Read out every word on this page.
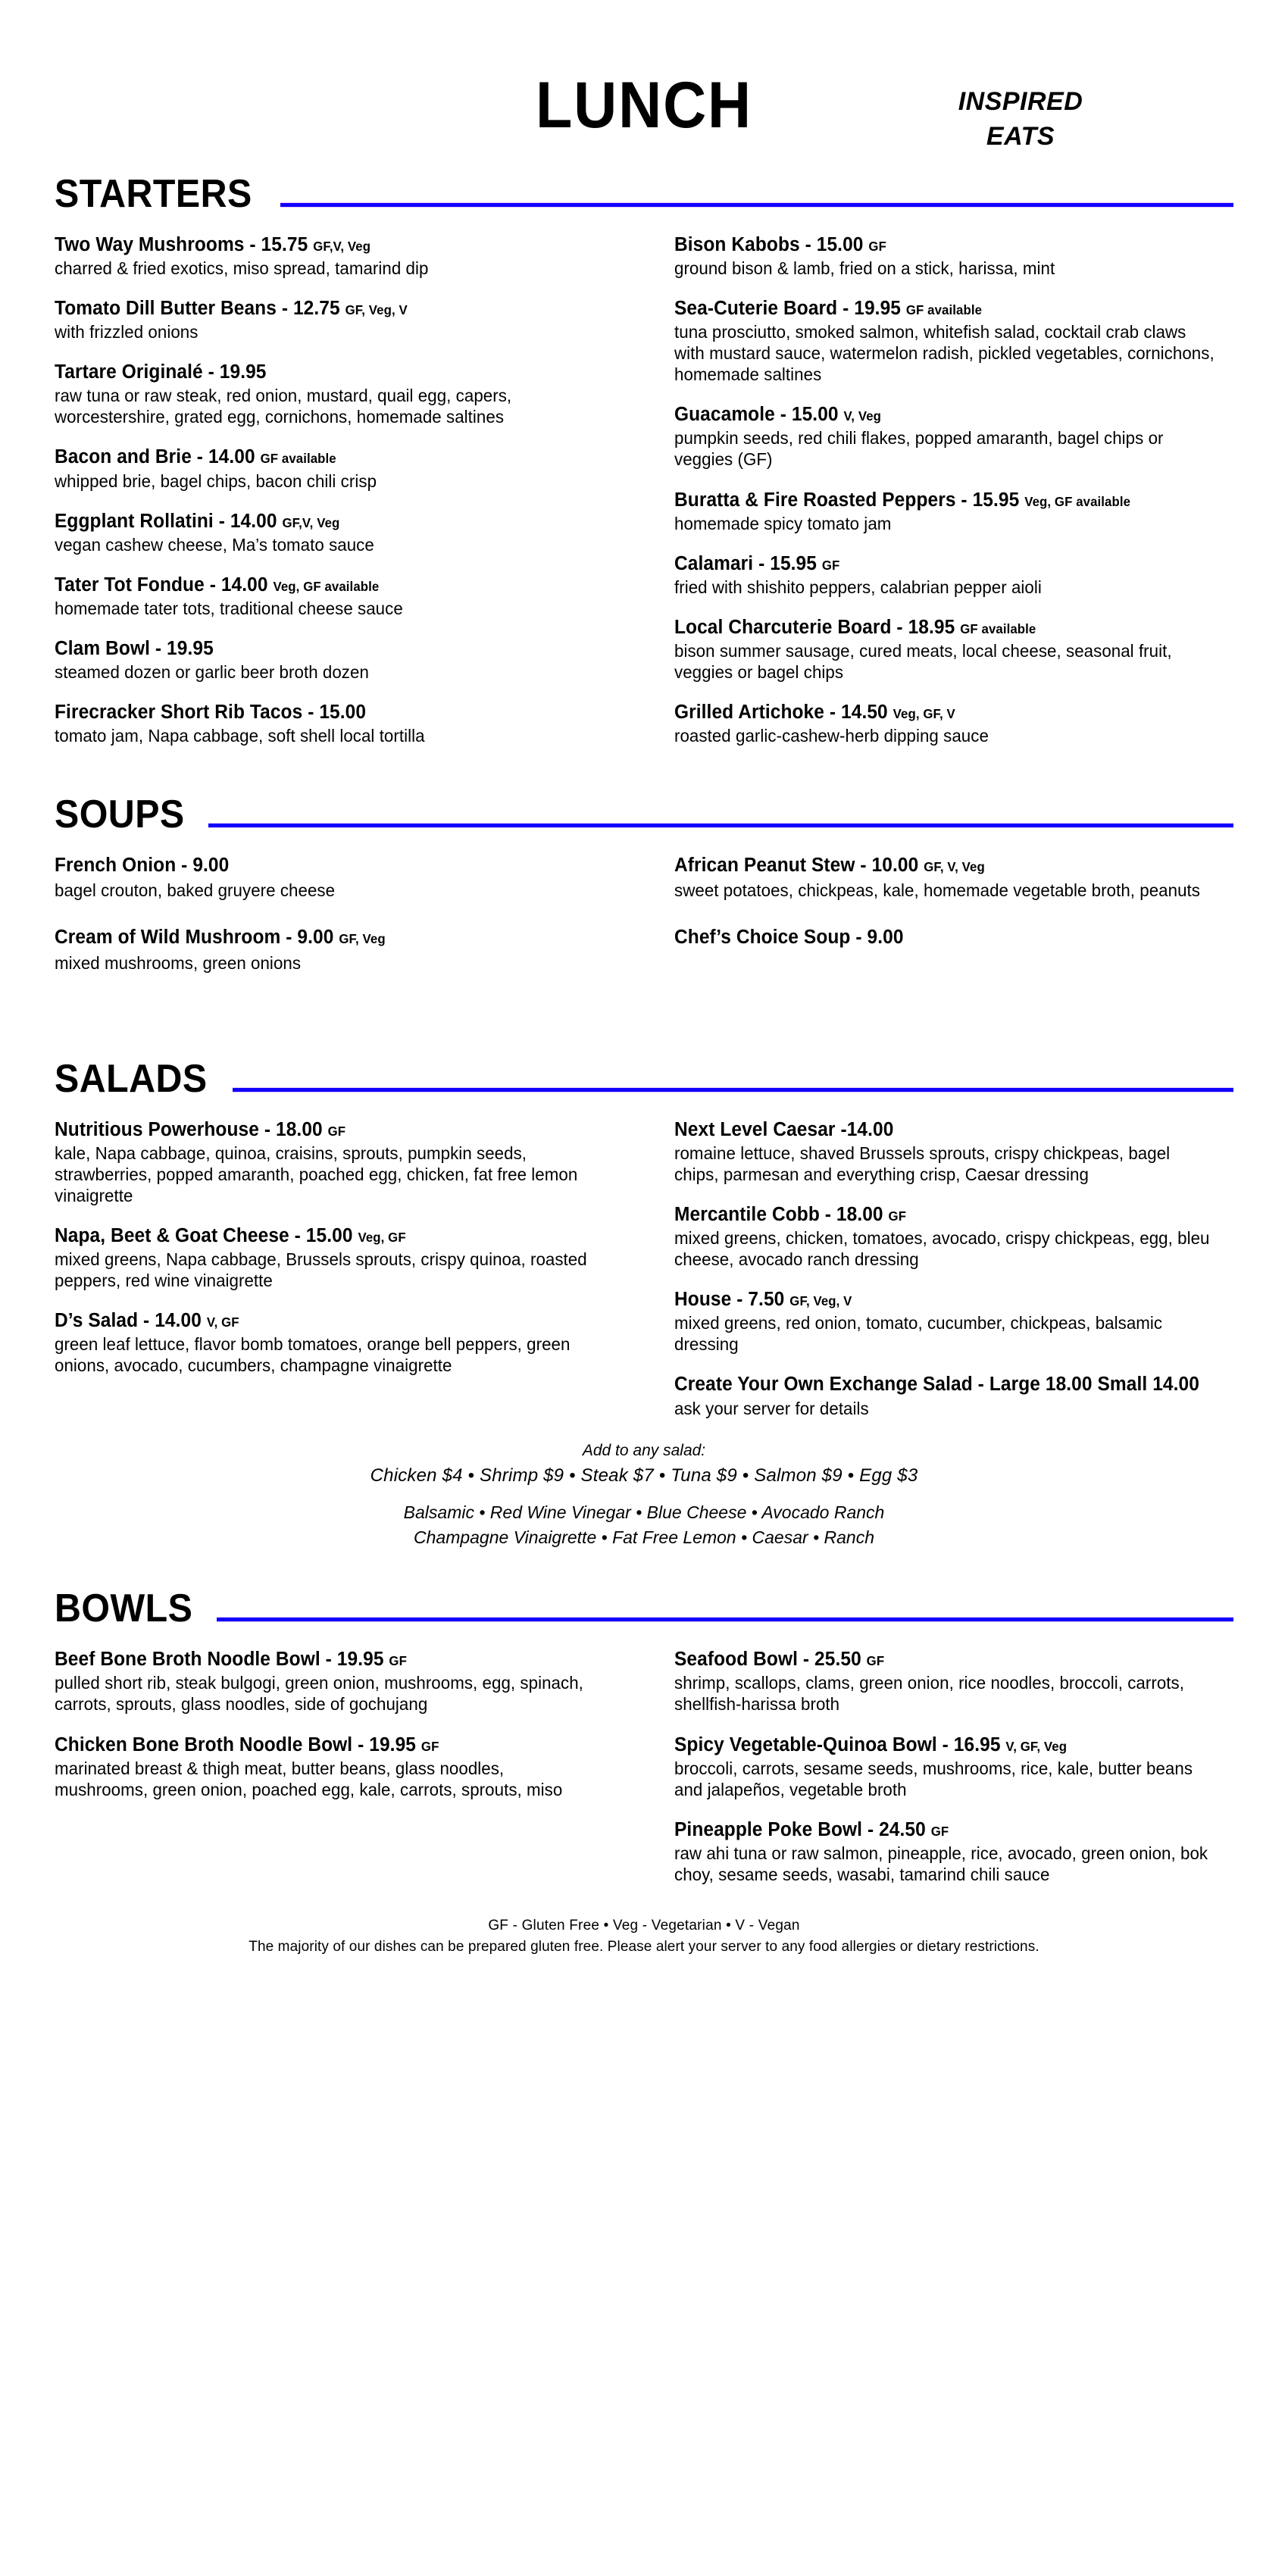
LUNCH	INSPIRED
EATS
STARTERS
Two Way Mushrooms - 15.75 GF,V, Veg
charred & fried exotics, miso spread, tamarind dip
Tomato Dill Butter Beans - 12.75 GF, Veg, V
with frizzled onions
Tartare Originalé - 19.95
raw tuna or raw steak, red onion, mustard, quail egg, capers, worcestershire, grated egg, cornichons, homemade saltines
Bacon and Brie - 14.00 GF available
whipped brie, bagel chips, bacon chili crisp
Eggplant Rollatini - 14.00 GF,V, Veg
vegan cashew cheese, Ma’s tomato sauce
Tater Tot Fondue - 14.00 Veg, GF available
homemade tater tots, traditional cheese sauce
Clam Bowl - 19.95
steamed dozen or garlic beer broth dozen
Firecracker Short Rib Tacos - 15.00
tomato jam, Napa cabbage, soft shell local tortilla
Bison Kabobs - 15.00 GF
ground bison & lamb, fried on a stick, harissa, mint
Sea-Cuterie Board - 19.95 GF available
tuna prosciutto, smoked salmon, whitefish salad, cocktail crab claws with mustard sauce, watermelon radish, pickled vegetables, cornichons, homemade saltines
Guacamole - 15.00 V, Veg
pumpkin seeds, red chili flakes, popped amaranth, bagel chips or veggies (GF)
Buratta & Fire Roasted Peppers - 15.95 Veg, GF available
homemade spicy tomato jam
Calamari - 15.95 GF
fried with shishito peppers, calabrian pepper aioli
Local Charcuterie Board - 18.95 GF available
bison summer sausage, cured meats, local cheese, seasonal fruit, veggies or bagel chips
Grilled Artichoke - 14.50 Veg, GF, V
roasted garlic-cashew-herb dipping sauce
SOUPS
French Onion - 9.00
bagel crouton, baked gruyere cheese
Cream of Wild Mushroom - 9.00 GF, Veg
mixed mushrooms, green onions
African Peanut Stew - 10.00 GF, V, Veg
sweet potatoes, chickpeas, kale, homemade vegetable broth, peanuts
Chef’s Choice Soup - 9.00
SALADS
Nutritious Powerhouse - 18.00 GF
kale, Napa cabbage, quinoa, craisins, sprouts, pumpkin seeds, strawberries, popped amaranth, poached egg, chicken, fat free lemon vinaigrette
Napa, Beet & Goat Cheese - 15.00 Veg, GF
mixed greens, Napa cabbage, Brussels sprouts, crispy quinoa, roasted peppers, red wine vinaigrette
D’s Salad - 14.00 V, GF
green leaf lettuce, flavor bomb tomatoes, orange bell peppers, green onions, avocado, cucumbers, champagne vinaigrette
Next Level Caesar -14.00
romaine lettuce, shaved Brussels sprouts, crispy chickpeas, bagel chips, parmesan and everything crisp, Caesar dressing
Mercantile Cobb - 18.00 GF
mixed greens, chicken, tomatoes, avocado, crispy chickpeas, egg, bleu cheese, avocado ranch dressing
House - 7.50 GF, Veg, V
mixed greens, red onion, tomato, cucumber, chickpeas, balsamic dressing
Create Your Own Exchange Salad - Large 18.00 Small 14.00
ask your server for details
Add to any salad:
Chicken $4 • Shrimp $9 • Steak $7 • Tuna $9 • Salmon $9 • Egg $3
Balsamic • Red Wine Vinegar • Blue Cheese • Avocado Ranch
Champagne Vinaigrette • Fat Free Lemon • Caesar • Ranch
BOWLS
Beef Bone Broth Noodle Bowl - 19.95 GF
pulled short rib, steak bulgogi, green onion, mushrooms, egg, spinach, carrots, sprouts, glass noodles, side of gochujang
Chicken Bone Broth Noodle Bowl - 19.95 GF
marinated breast & thigh meat, butter beans, glass noodles, mushrooms, green onion, poached egg, kale, carrots, sprouts, miso
Seafood Bowl - 25.50 GF
shrimp, scallops, clams, green onion, rice noodles, broccoli, carrots, shellfish-harissa broth
Spicy Vegetable-Quinoa Bowl - 16.95 V, GF, Veg
broccoli, carrots, sesame seeds, mushrooms, rice, kale, butter beans and jalapeños, vegetable broth
Pineapple Poke Bowl - 24.50 GF
raw ahi tuna or raw salmon, pineapple, rice, avocado, green onion, bok choy, sesame seeds, wasabi, tamarind chili sauce
GF - Gluten Free • Veg - Vegetarian • V - Vegan
The majority of our dishes can be prepared gluten free. Please alert your server to any food allergies or dietary restrictions.
